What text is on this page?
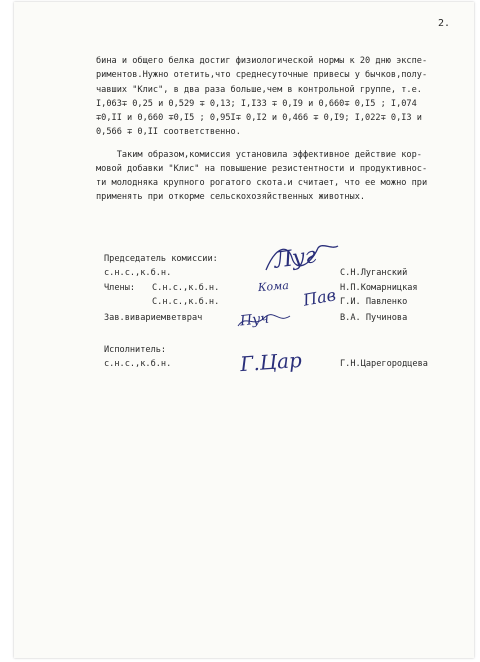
2.
бина и общего белка достиг физиологической нормы к 20 дню экспе-
риментов.Нужно отетить,что среднесуточные привесы у бычков,полу-
чавших "Клис", в два раза больше,чем в контрольной группе, т.е.
I,063∓ 0,25 и 0,529 ∓ 0,13; I,I33 ∓ 0,I9 и 0,660∓ 0,I5 ; I,074
∓0,II и 0,660 ∓0,I5 ; 0,95I∓ 0,I2 и 0,466 ∓ 0,I9; I,022∓ 0,I3 и
0,566 ∓ 0,II соответственно.
Таким образом,комиссия установила эффективное действие кор-
мовой добавки "Клис" на повышение резистентности и продуктивнос-
ти молодняка крупного рогатого скота.и считает, что ее можно при
применять при откорме сельскохозяйственных животных.
Председатель комиссии:
с.н.с.,к.б.н.	С.Н.Луганский
Члены: С.н.с.,к.б.н.	Н.П.Комарницкая
С.н.с.,к.б.н.	Г.И. Павленко
Зав.вивариемветврач	В.А. Пучинова
Исполнитель:
с.н.с.,к.б.н.	Г.Н.Царегородцева
Луг
Кома Пав
Пуч
Г.Цар
